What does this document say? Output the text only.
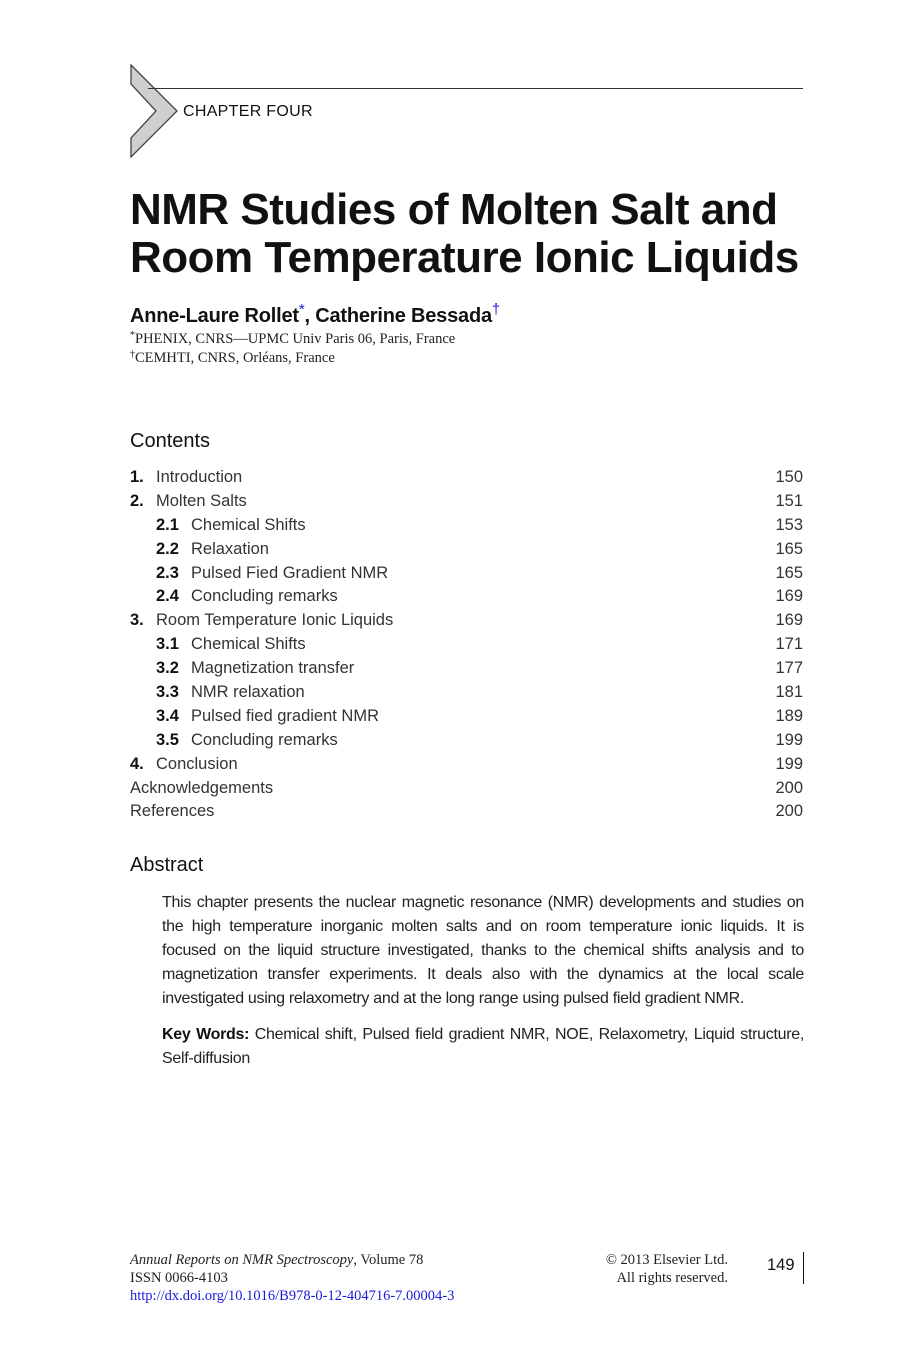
CHAPTER FOUR
NMR Studies of Molten Salt and
Room Temperature Ionic Liquids
Anne-Laure Rollet*, Catherine Bessada†
*PHENIX, CNRS—UPMC Univ Paris 06, Paris, France
†CEMHTI, CNRS, Orléans, France
Contents
1. Introduction	150
2. Molten Salts	151
2.1 Chemical Shifts	153
2.2 Relaxation	165
2.3 Pulsed Fied Gradient NMR	165
2.4 Concluding remarks	169
3. Room Temperature Ionic Liquids	169
3.1 Chemical Shifts	171
3.2 Magnetization transfer	177
3.3 NMR relaxation	181
3.4 Pulsed fied gradient NMR	189
3.5 Concluding remarks	199
4. Conclusion	199
Acknowledgements	200
References	200
Abstract

This chapter presents the nuclear magnetic resonance (NMR) developments and studies on the high temperature inorganic molten salts and on room temperature ionic liquids. It is focused on the liquid structure investigated, thanks to the chemical shifts analysis and to magnetization transfer experiments. It deals also with the dynamics at the local scale investigated using relaxometry and at the long range using pulsed field gradient NMR.

Key Words: Chemical shift, Pulsed field gradient NMR, NOE, Relaxometry, Liquid structure, Self-diffusion

Annual Reports on NMR Spectroscopy, Volume 78
ISSN 0066-4103
http://dx.doi.org/10.1016/B978-0-12-404716-7.00004-3
© 2013 Elsevier Ltd.
All rights reserved.
149
